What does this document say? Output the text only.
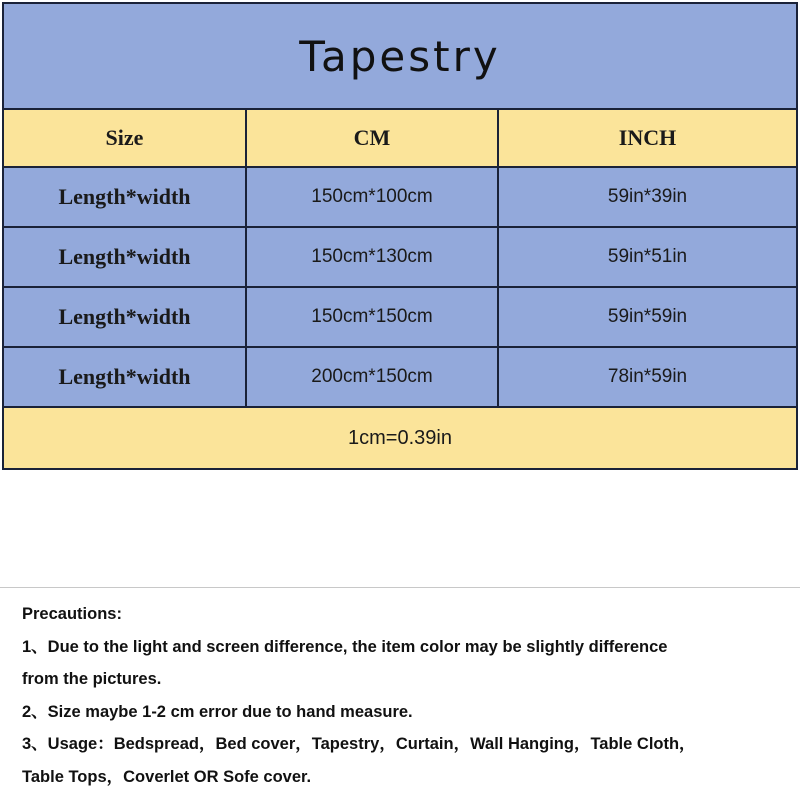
Tapestry
Size	CM	INCH
Length*width	150cm*100cm	59in*39in
Length*width	150cm*130cm	59in*51in
Length*width	150cm*150cm	59in*59in
Length*width	200cm*150cm	78in*59in
1cm=0.39in

Precautions:

1、Due to the light and screen difference, the item color may be slightly difference

from the pictures.

2、Size maybe 1-2 cm error due to hand measure.

3、Usage：Bedspread，Bed cover，Tapestry，Curtain，Wall Hanging，Table Cloth，

Table Tops，Coverlet OR Sofe cover.
